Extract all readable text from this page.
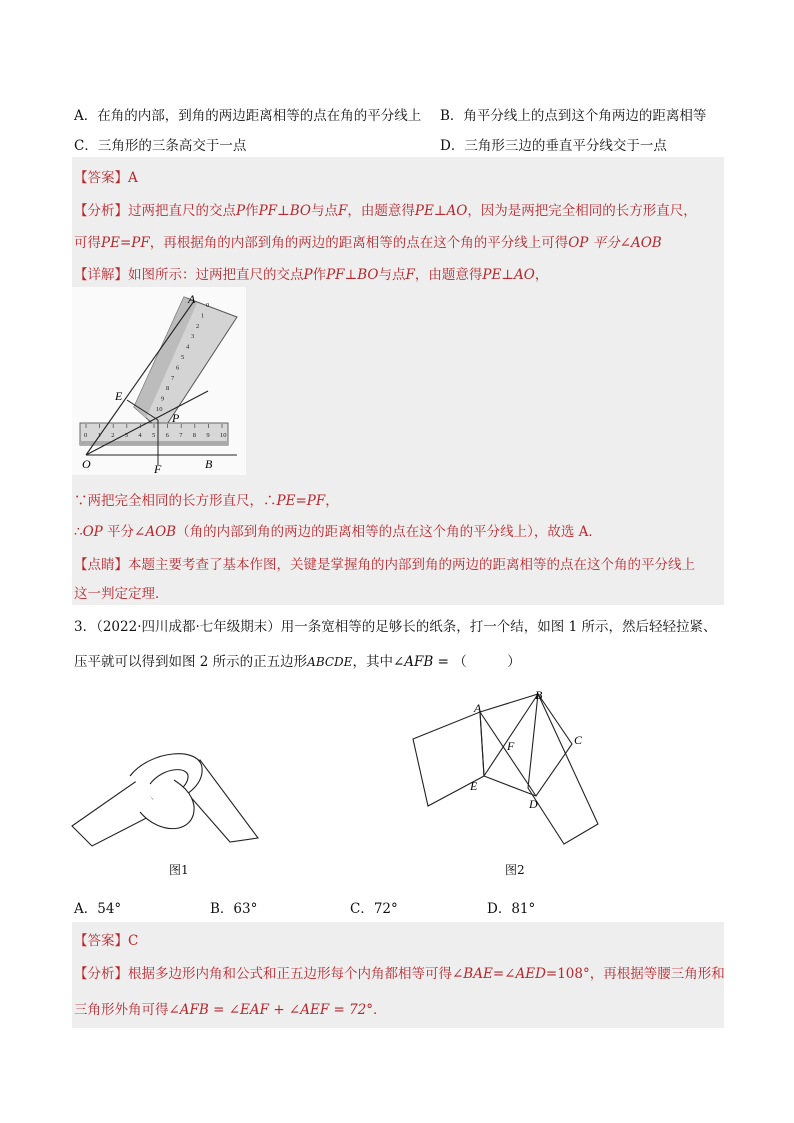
A．在角的内部，到角的两边距离相等的点在角的平分线上 B．角平分线上的点到这个角两边的距离相等
C．三角形的三条高交于一点	D．三角形三边的垂直平分线交于一点
【答案】A
【分析】过两把直尺的交点P作PF⊥BO与点F，由题意得PE⊥AO，因为是两把完全相同的长方形直尺，
可得PE=PF，再根据角的内部到角的两边的距离相等的点在这个角的平分线上可得OP 平分∠AOB
【详解】如图所示：过两把直尺的交点P作PF⊥BO与点F，由题意得PE⊥AO，
A
E
P
O	F	B
0 1 2 3 4 5 6 7 8 9 10
0
1
2
3
4
5
6
7
8
9
10
∵两把完全相同的长方形直尺，∴PE=PF，
∴OP 平分∠AOB（角的内部到角的两边的距离相等的点在这个角的平分线上），故选 A．
【点睛】本题主要考查了基本作图，关键是掌握角的内部到角的两边的距离相等的点在这个角的平分线上
这一判定定理．
3．（2022·四川成都·七年级期末）用一条宽相等的足够长的纸条，打一个结，如图 1 所示，然后轻轻拉紧、
压平就可以得到如图 2 所示的正五边形ABCDE，其中∠AFB = （　　　）
图1
A
B
C
D
E
F
图2
A．54°	B．63°	C．72°	D．81°
【答案】C
【分析】根据多边形内角和公式和正五边形每个内角都相等可得∠BAE=∠AED=108°，再根据等腰三角形和
三角形外角可得∠AFB = ∠EAF + ∠AEF = 72°．
